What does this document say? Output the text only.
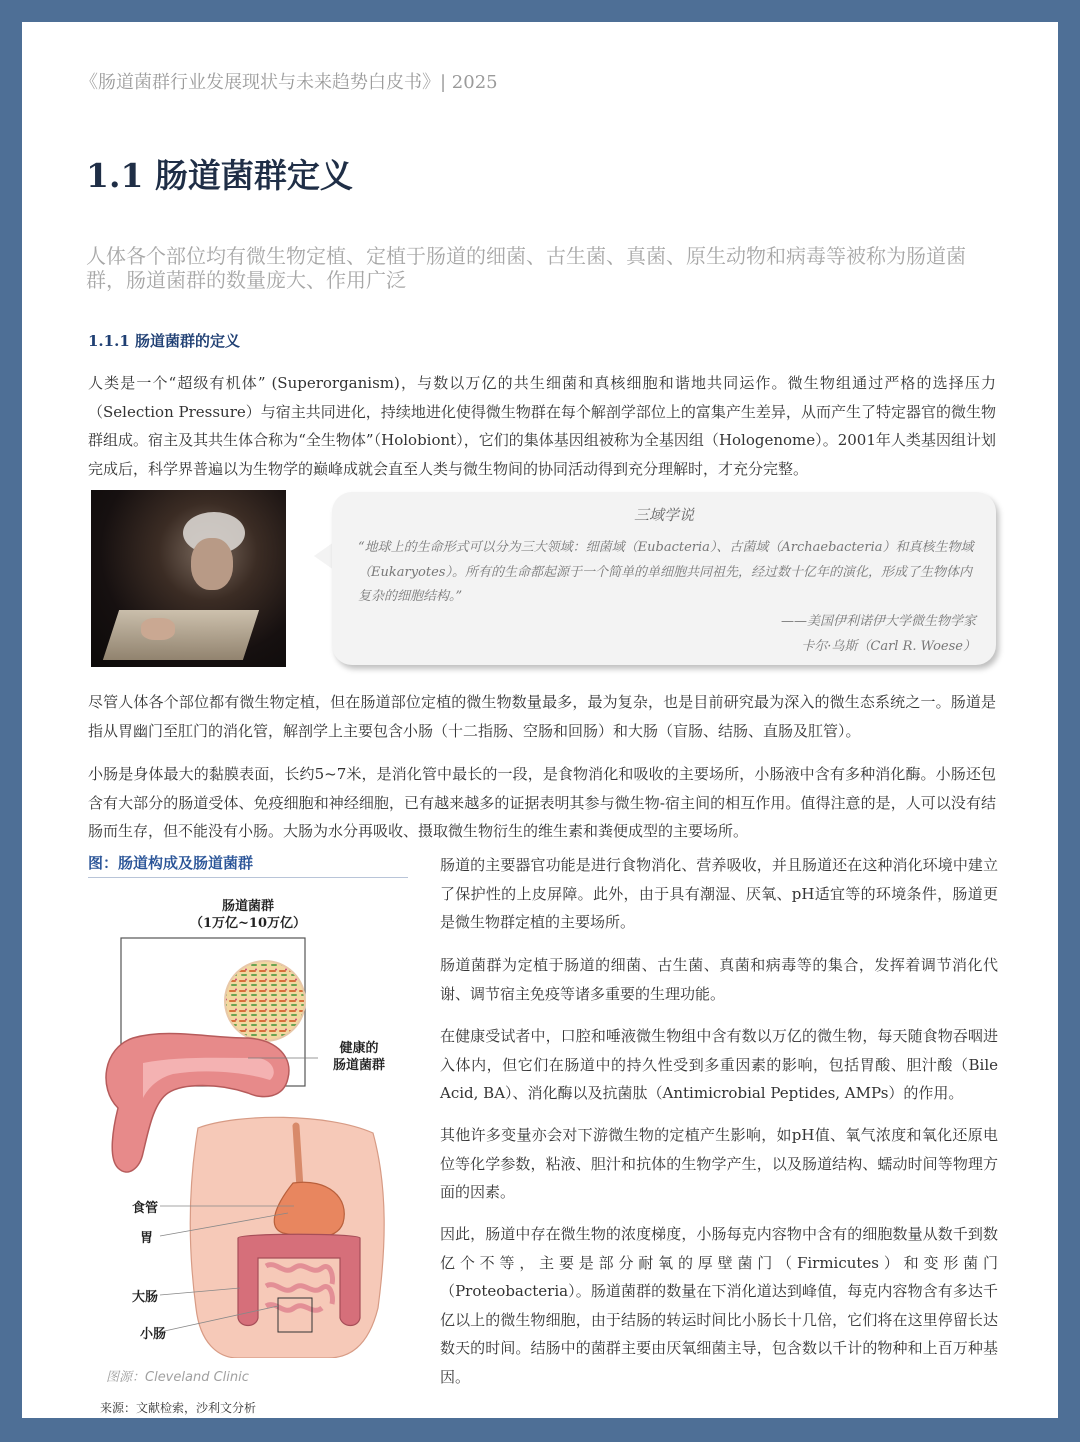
《肠道菌群行业发展现状与未来趋势白皮书》| 2025
1.1 肠道菌群定义
人体各个部位均有微生物定植、定植于肠道的细菌、古生菌、真菌、原生动物和病毒等被称为肠道菌群，肠道菌群的数量庞大、作用广泛
1.1.1 肠道菌群的定义
人类是一个“超级有机体” (Superorganism)，与数以万亿的共生细菌和真核细胞和谐地共同运作。微生物组通过严格的选择压力（Selection Pressure）与宿主共同进化，持续地进化使得微生物群在每个解剖学部位上的富集产生差异，从而产生了特定器官的微生物群组成。宿主及其共生体合称为“全生物体”（Holobiont），它们的集体基因组被称为全基因组（Hologenome）。2001年人类基因组计划完成后，科学界普遍以为生物学的巅峰成就会直至人类与微生物间的协同活动得到充分理解时，才充分完整。
三域学说
“地球上的生命形式可以分为三大领域：细菌域（Eubacteria）、古菌域（Archaebacteria）和真核生物域（Eukaryotes）。所有的生命都起源于一个简单的单细胞共同祖先，经过数十亿年的演化，形成了生物体内复杂的细胞结构。”
——美国伊利诺伊大学微生物学家
卡尔·乌斯（Carl R. Woese）
尽管人体各个部位都有微生物定植，但在肠道部位定植的微生物数量最多，最为复杂，也是目前研究最为深入的微生态系统之一。肠道是指从胃幽门至肛门的消化管，解剖学上主要包含小肠（十二指肠、空肠和回肠）和大肠（盲肠、结肠、直肠及肛管）。
小肠是身体最大的黏膜表面，长约5~7米，是消化管中最长的一段，是食物消化和吸收的主要场所，小肠液中含有多种消化酶。小肠还包含有大部分的肠道受体、免疫细胞和神经细胞，已有越来越多的证据表明其参与微生物-宿主间的相互作用。值得注意的是，人可以没有结肠而生存，但不能没有小肠。大肠为水分再吸收、摄取微生物衍生的维生素和粪便成型的主要场所。
图：肠道构成及肠道菌群
肠道菌群
（1万亿~10万亿）
健康的
肠道菌群
食管
胃
大肠
小肠
图源：Cleveland Clinic
来源：文献检索，沙利文分析
肠道的主要器官功能是进行食物消化、营养吸收，并且肠道还在这种消化环境中建立了保护性的上皮屏障。此外，由于具有潮湿、厌氧、pH适宜等的环境条件，肠道更是微生物群定植的主要场所。
肠道菌群为定植于肠道的细菌、古生菌、真菌和病毒等的集合，发挥着调节消化代谢、调节宿主免疫等诸多重要的生理功能。
在健康受试者中，口腔和唾液微生物组中含有数以万亿的微生物，每天随食物吞咽进入体内，但它们在肠道中的持久性受到多重因素的影响，包括胃酸、胆汁酸（Bile Acid, BA）、消化酶以及抗菌肽（Antimicrobial Peptides, AMPs）的作用。
其他许多变量亦会对下游微生物的定植产生影响，如pH值、氧气浓度和氧化还原电位等化学参数，粘液、胆汁和抗体的生物学产生，以及肠道结构、蠕动时间等物理方面的因素。
因此，肠道中存在微生物的浓度梯度，小肠每克内容物中含有的细胞数量从数千到数亿个不等，主要是部分耐氧的厚壁菌门（Firmicutes）和变形菌门（Proteobacteria）。肠道菌群的数量在下消化道达到峰值，每克内容物含有多达千亿以上的微生物细胞，由于结肠的转运时间比小肠长十几倍，它们将在这里停留长达数天的时间。结肠中的菌群主要由厌氧细菌主导，包含数以千计的物种和上百万种基因。
